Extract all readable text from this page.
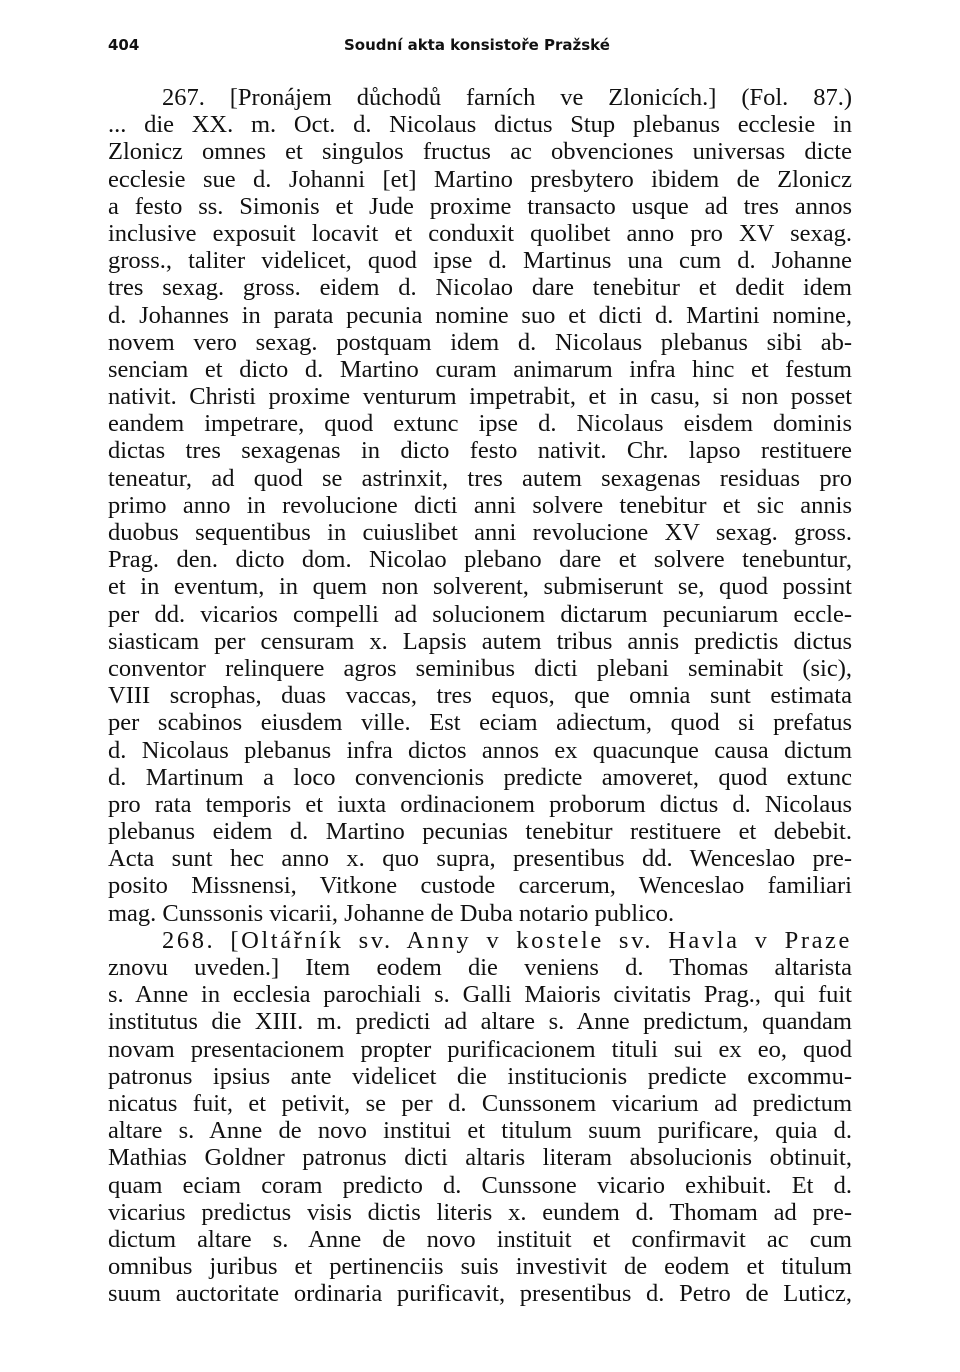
404	Soudní akta konsistoře Pražské
267. [Pronájem důchodů farních ve Zlonicích.] (Fol. 87.)
... die XX. m. Oct. d. Nicolaus dictus Stup plebanus ecclesie in
Zlonicz omnes et singulos fructus ac obvenciones universas dicte
ecclesie sue d. Johanni [et] Martino presbytero ibidem de Zlonicz
a festo ss. Simonis et Jude proxime transacto usque ad tres annos
inclusive exposuit locavit et conduxit quolibet anno pro XV sexag.
gross., taliter videlicet, quod ipse d. Martinus una cum d. Johanne
tres sexag. gross. eidem d. Nicolao dare tenebitur et dedit idem
d. Johannes in parata pecunia nomine suo et dicti d. Martini nomine,
novem vero sexag. postquam idem d. Nicolaus plebanus sibi ab-
senciam et dicto d. Martino curam animarum infra hinc et festum
nativit. Christi proxime venturum impetrabit, et in casu, si non posset
eandem impetrare, quod extunc ipse d. Nicolaus eisdem dominis
dictas tres sexagenas in dicto festo nativit. Chr. lapso restituere
teneatur, ad quod se astrinxit, tres autem sexagenas residuas pro
primo anno in revolucione dicti anni solvere tenebitur et sic annis
duobus sequentibus in cuiuslibet anni revolucione XV sexag. gross.
Prag. den. dicto dom. Nicolao plebano dare et solvere tenebuntur,
et in eventum, in quem non solverent, submiserunt se, quod possint
per dd. vicarios compelli ad solucionem dictarum pecuniarum eccle-
siasticam per censuram x. Lapsis autem tribus annis predictis dictus
conventor relinquere agros seminibus dicti plebani seminabit (sic),
VIII scrophas, duas vaccas, tres equos, que omnia sunt estimata
per scabinos eiusdem ville. Est eciam adiectum, quod si prefatus
d. Nicolaus plebanus infra dictos annos ex quacunque causa dictum
d. Martinum a loco convencionis predicte amoveret, quod extunc
pro rata temporis et iuxta ordinacionem proborum dictus d. Nicolaus
plebanus eidem d. Martino pecunias tenebitur restituere et debebit.
Acta sunt hec anno x. quo supra, presentibus dd. Wenceslao pre-
posito Missnensi, Vitkone custode carcerum, Wenceslao familiari
mag. Cunssonis vicarii, Johanne de Duba notario publico.
268. [Oltářník sv. Anny v kostele sv. Havla v Praze
znovu uveden.] Item eodem die veniens d. Thomas altarista
s. Anne in ecclesia parochiali s. Galli Maioris civitatis Prag., qui fuit
institutus die XIII. m. predicti ad altare s. Anne predictum, quandam
novam presentacionem propter purificacionem tituli sui ex eo, quod
patronus ipsius ante videlicet die institucionis predicte excommu-
nicatus fuit, et petivit, se per d. Cunssonem vicarium ad predictum
altare s. Anne de novo institui et titulum suum purificare, quia d.
Mathias Goldner patronus dicti altaris literam absolucionis obtinuit,
quam eciam coram predicto d. Cunssone vicario exhibuit. Et d.
vicarius predictus visis dictis literis x. eundem d. Thomam ad pre-
dictum altare s. Anne de novo instituit et confirmavit ac cum
omnibus juribus et pertinenciis suis investivit de eodem et titulum
suum auctoritate ordinaria purificavit, presentibus d. Petro de Luticz,
